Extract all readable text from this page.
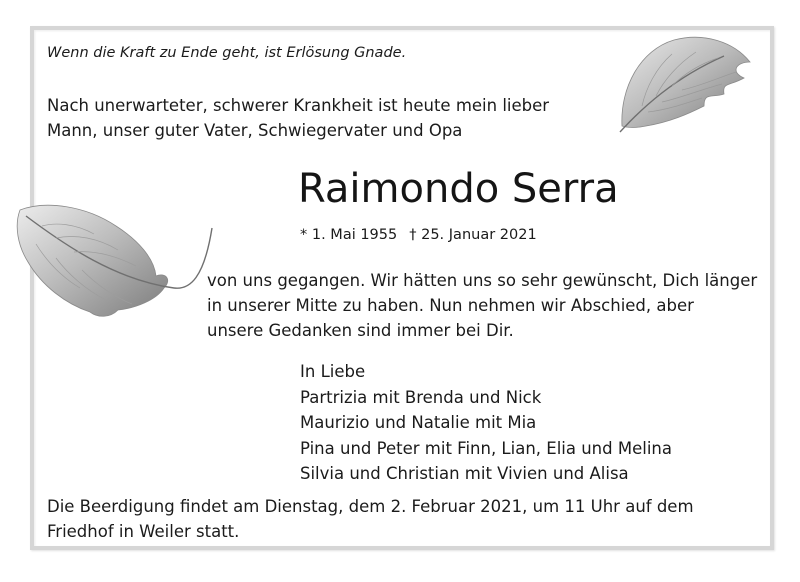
Wenn die Kraft zu Ende geht, ist Erlösung Gnade.

Nach unerwarteter, schwerer Krankheit ist heute mein lieber
Mann, unser guter Vater, Schwiegervater und Opa
Raimondo Serra
* 1. Mai 1955 † 25. Januar 2021
von uns gegangen. Wir hätten uns so sehr gewünscht, Dich länger
in unserer Mitte zu haben. Nun nehmen wir Abschied, aber
unsere Gedanken sind immer bei Dir.
In Liebe
Partrizia mit Brenda und Nick
Maurizio und Natalie mit Mia
Pina und Peter mit Finn, Lian, Elia und Melina
Silvia und Christian mit Vivien und Alisa
Die Beerdigung findet am Dienstag, dem 2. Februar 2021, um 11 Uhr auf dem
Friedhof in Weiler statt.
